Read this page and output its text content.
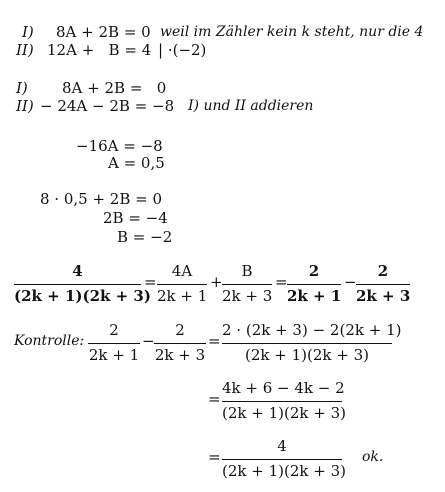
I) 8A + 2B = 0 weil im Zähler kein k steht, nur die 4
II) 12A +   B = 4 | ·(−2)
I) 8A + 2B =   0
II) − 24A − 2B = −8 I) und II addieren
−16A = −8
A = 0,5
8 · 0,5 + 2B = 0
2B = −4
B = −2
4
(2k + 1)(2k + 3)
=
4A
2k + 1
+
B
2k + 3
=
2
2k + 1
−
2
2k + 3
Kontrolle:
2
2k + 1
−
2
2k + 3
=
2 · (2k + 3) − 2(2k + 1)
(2k + 1)(2k + 3)
=
4k + 6 − 4k − 2
(2k + 1)(2k + 3)
=
4
(2k + 1)(2k + 3)
ok.
